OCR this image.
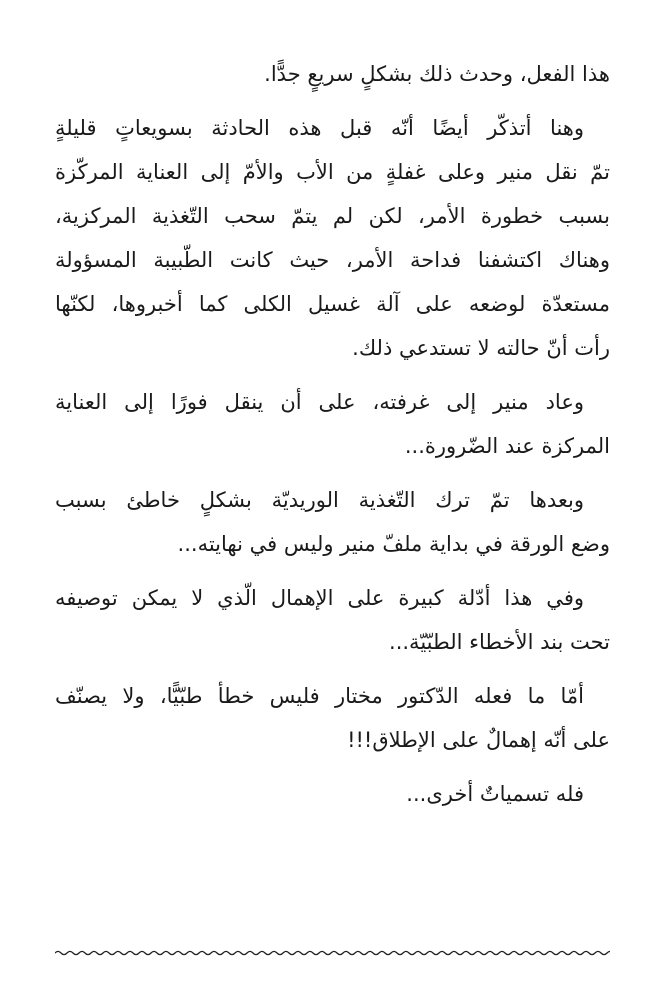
هذا الفعل، وحدث ذلك بشكلٍ سريعٍ جدًّا.
وهنا أتذكّر أيضًا أنّه قبل هذه الحادثة بسويعاتٍ قليلةٍ
تمّ نقل منير وعلى غفلةٍ من الأب والأمّ إلى العناية المركّزة
بسبب خطورة الأمر، لكن لم يتمّ سحب التّغذية المركزية،
وهناك اكتشفنا فداحة الأمر، حيث كانت الطّبيبة المسؤولة
مستعدّة لوضعه على آلة غسيل الكلى كما أخبروها، لكنّها
رأت أنّ حالته لا تستدعي ذلك.
وعاد منير إلى غرفته، على أن ينقل فورًا إلى العناية
المركزة عند الضّرورة...
وبعدها تمّ ترك التّغذية الوريديّة بشكلٍ خاطئ بسبب
وضع الورقة في بداية ملفّ منير وليس في نهايته...
وفي هذا أدّلة كبيرة على الإهمال الّذي لا يمكن توصيفه
تحت بند الأخطاء الطبّيّة...
أمّا ما فعله الدّكتور مختار فليس خطأ طبّيًّا، ولا يصنّف
على أنّه إهمالٌ على الإطلاق!!!
فله تسمياتٌ أخرى...
